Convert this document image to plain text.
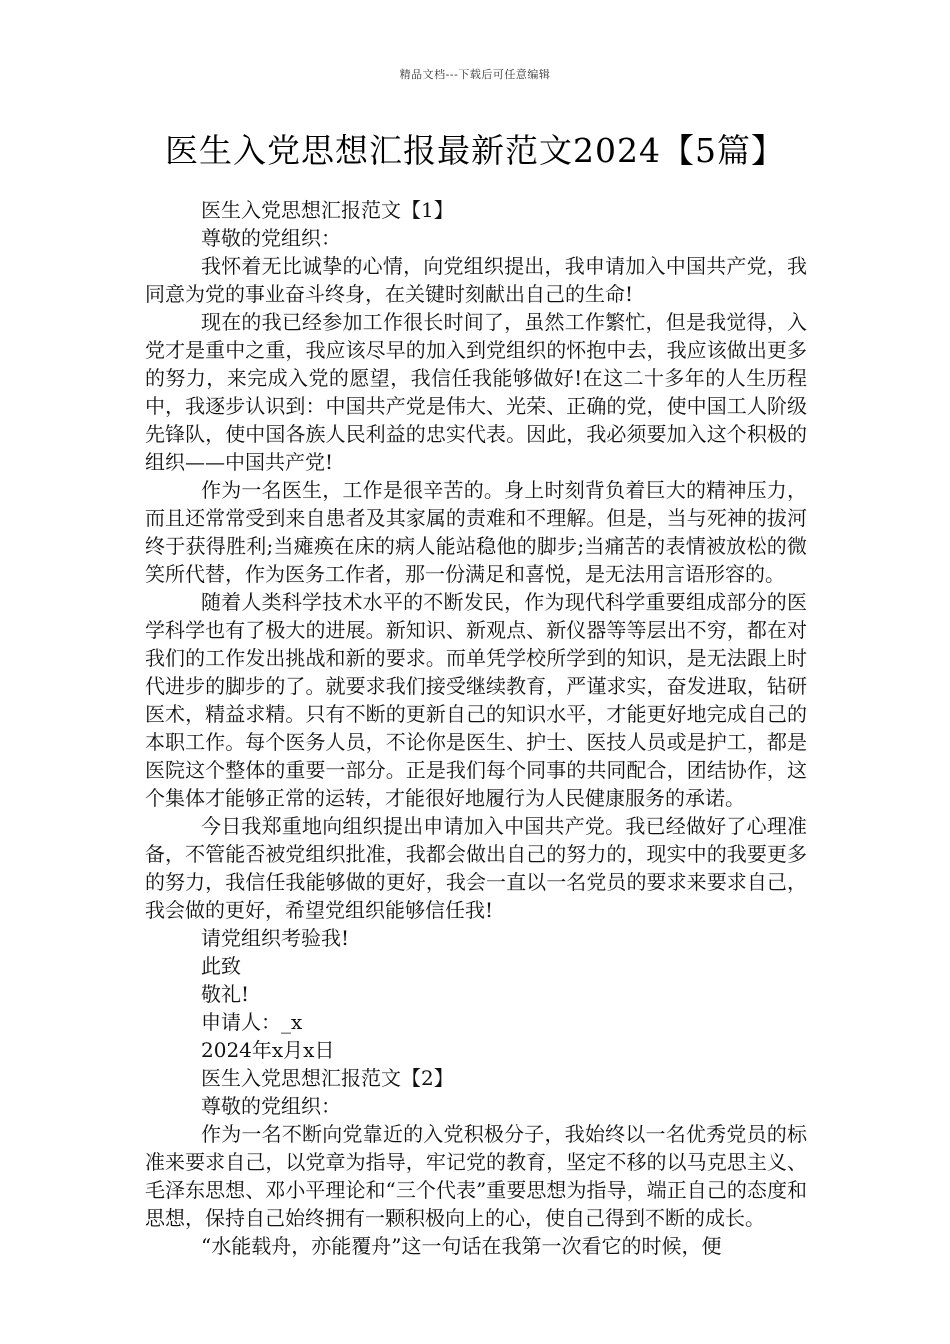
精品文档---下载后可任意编辑
医生入党思想汇报最新范文2024【5篇】

医生入党思想汇报范文【1】

尊敬的党组织：

我怀着无比诚挚的心情，向党组织提出，我申请加入中国共产党，我同意为党的事业奋斗终身，在关键时刻献出自己的生命!

现在的我已经参加工作很长时间了，虽然工作繁忙，但是我觉得，入党才是重中之重，我应该尽早的加入到党组织的怀抱中去，我应该做出更多的努力，来完成入党的愿望，我信任我能够做好!在这二十多年的人生历程中，我逐步认识到：中国共产党是伟大、光荣、正确的党，使中国工人阶级先锋队，使中国各族人民利益的忠实代表。因此，我必须要加入这个积极的组织——中国共产党!

作为一名医生，工作是很辛苦的。身上时刻背负着巨大的精神压力，而且还常常受到来自患者及其家属的责难和不理解。但是，当与死神的拔河终于获得胜利;当瘫痪在床的病人能站稳他的脚步;当痛苦的表情被放松的微笑所代替，作为医务工作者，那一份满足和喜悦，是无法用言语形容的。

随着人类科学技术水平的不断发民，作为现代科学重要组成部分的医学科学也有了极大的进展。新知识、新观点、新仪器等等层出不穷，都在对我们的工作发出挑战和新的要求。而单凭学校所学到的知识，是无法跟上时代进步的脚步的了。就要求我们接受继续教育，严谨求实，奋发进取，钻研医术，精益求精。只有不断的更新自己的知识水平，才能更好地完成自己的本职工作。每个医务人员，不论你是医生、护士、医技人员或是护工，都是医院这个整体的重要一部分。正是我们每个同事的共同配合，团结协作，这个集体才能够正常的运转，才能很好地履行为人民健康服务的承诺。

今日我郑重地向组织提出申请加入中国共产党。我已经做好了心理准备，不管能否被党组织批准，我都会做出自己的努力的，现实中的我要更多的努力，我信任我能够做的更好，我会一直以一名党员的要求来要求自己，我会做的更好，希望党组织能够信任我!

请党组织考验我!

此致

敬礼!

申请人：_x

2024年x月x日

医生入党思想汇报范文【2】

尊敬的党组织：

作为一名不断向党靠近的入党积极分子，我始终以一名优秀党员的标准来要求自己，以党章为指导，牢记党的教育，坚定不移的以马克思主义、毛泽东思想、邓小平理论和“三个代表”重要思想为指导，端正自己的态度和思想，保持自己始终拥有一颗积极向上的心，使自己得到不断的成长。

“水能载舟，亦能覆舟”这一句话在我第一次看它的时候，便
